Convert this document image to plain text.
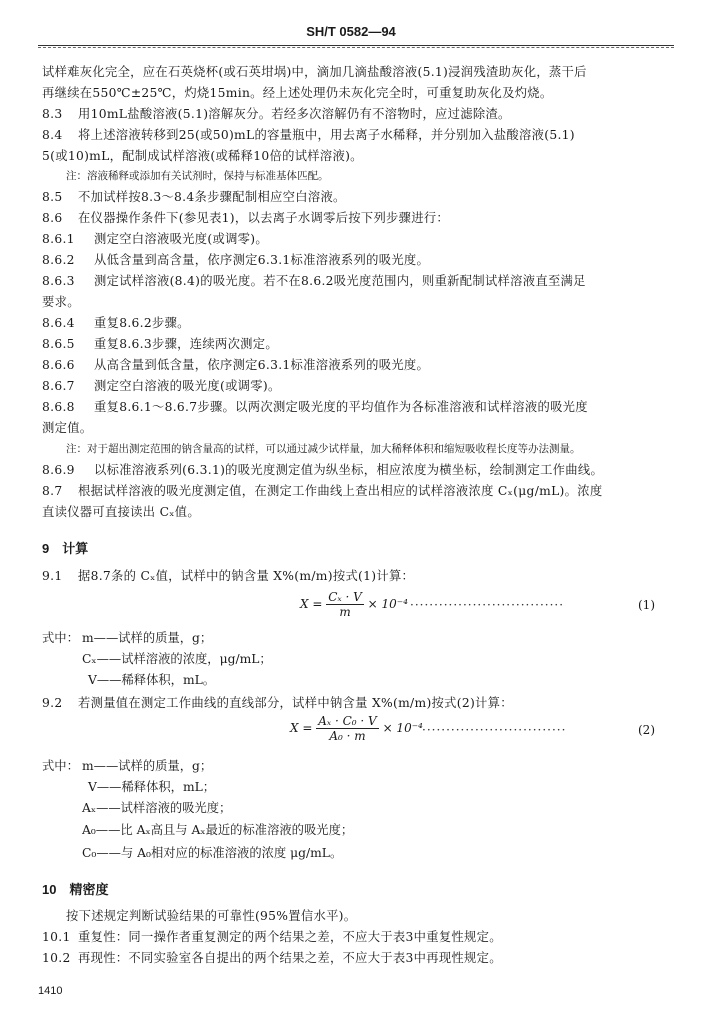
SH/T 0582—94
试样难灰化完全，应在石英烧杯(或石英坩埚)中，滴加几滴盐酸溶液(5.1)浸润残渣助灰化，蒸干后
再继续在550℃±25℃，灼烧15min。经上述处理仍未灰化完全时，可重复助灰化及灼烧。
8.3 用10mL盐酸溶液(5.1)溶解灰分。若经多次溶解仍有不溶物时，应过滤除渣。
8.4 将上述溶液转移到25(或50)mL的容量瓶中，用去离子水稀释，并分别加入盐酸溶液(5.1)
5(或10)mL，配制成试样溶液(或稀释10倍的试样溶液)。
注：溶液稀释或添加有关试剂时，保持与标准基体匹配。
8.5 不加试样按8.3～8.4条步骤配制相应空白溶液。
8.6 在仪器操作条件下(参见表1)，以去离子水调零后按下列步骤进行：
8.6.1 测定空白溶液吸光度(或调零)。
8.6.2 从低含量到高含量，依序测定6.3.1标准溶液系列的吸光度。
8.6.3 测定试样溶液(8.4)的吸光度。若不在8.6.2吸光度范围内，则重新配制试样溶液直至满足
要求。
8.6.4 重复8.6.2步骤。
8.6.5 重复8.6.3步骤，连续两次测定。
8.6.6 从高含量到低含量，依序测定6.3.1标准溶液系列的吸光度。
8.6.7 测定空白溶液的吸光度(或调零)。
8.6.8 重复8.6.1～8.6.7步骤。以两次测定吸光度的平均值作为各标准溶液和试样溶液的吸光度
测定值。
注：对于超出测定范围的钠含量高的试样，可以通过减少试样量，加大稀释体积和缩短吸收程长度等办法测量。
8.6.9 以标准溶液系列(6.3.1)的吸光度测定值为纵坐标，相应浓度为横坐标，绘制测定工作曲线。
8.7 根据试样溶液的吸光度测定值，在测定工作曲线上查出相应的试样溶液浓度 Cₓ(μg/mL)。浓度
直读仪器可直接读出 Cₓ值。
9　计算
9.1 据8.7条的 Cₓ值，试样中的钠含量 X%(m/m)按式(1)计算：
$X = \frac{\text{Cₓ · V}}{m} \times 10^{-4}$ ································	(1)
式中： m——试样的质量，g；
Cₓ——试样溶液的浓度，μg/mL；
V——稀释体积，mL。
9.2 若测量值在测定工作曲线的直线部分，试样中钠含量 X%(m/m)按式(2)计算：
$X = \frac{\text{Aₓ · C₀ · V}}{\text{A₀ · m}} \times 10^{-4}$ ······························	(2)
式中： m——试样的质量，g；
V——稀释体积，mL；
Aₓ——试样溶液的吸光度；
A₀——比 Aₓ高且与 Aₓ最近的标准溶液的吸光度；
C₀——与 A₀相对应的标准溶液的浓度 μg/mL。
10　精密度
按下述规定判断试验结果的可靠性(95%置信水平)。
10.1 重复性：同一操作者重复测定的两个结果之差，不应大于表3中重复性规定。
10.2 再现性：不同实验室各自提出的两个结果之差，不应大于表3中再现性规定。
1410
